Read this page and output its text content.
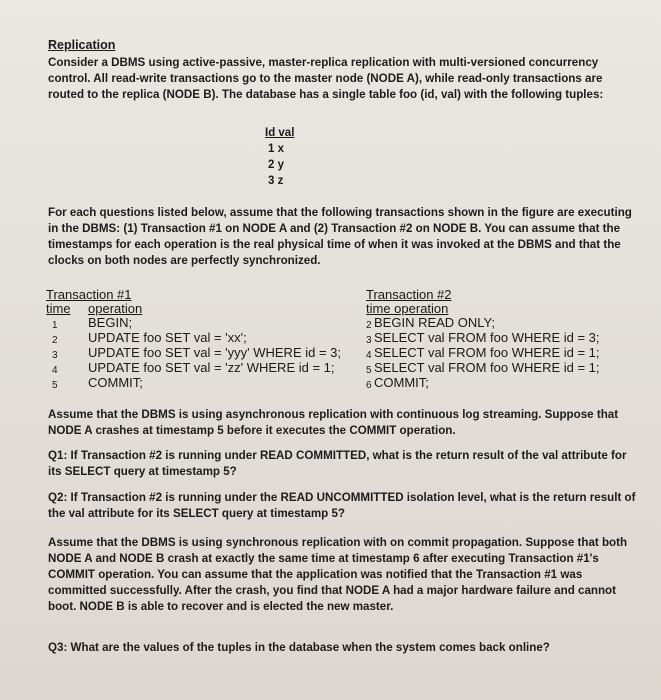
Replication
Consider a DBMS using active-passive, master-replica replication with multi-versioned concurrency control. All read-write transactions go to the master node (NODE A), while read-only transactions are routed to the replica (NODE B). The database has a single table foo (id, val) with the following tuples:
Id val
1 x
2 y
3 z
For each questions listed below, assume that the following transactions shown in the figure are executing in the DBMS: (1) Transaction #1 on NODE A and (2) Transaction #2 on NODE B. You can assume that the timestamps for each operation is the real physical time of when it was invoked at the DBMS and that the clocks on both nodes are perfectly synchronized.
Transaction #1
time operation
1 BEGIN;
2 UPDATE foo SET val = 'xx';
3 UPDATE foo SET val = 'yyy' WHERE id = 3;
4 UPDATE foo SET val = 'zz' WHERE id = 1;
5 COMMIT;
Transaction #2
time operation
2 BEGIN READ ONLY;
3 SELECT val FROM foo WHERE id = 3;
4 SELECT val FROM foo WHERE id = 1;
5 SELECT val FROM foo WHERE id = 1;
6 COMMIT;
Assume that the DBMS is using asynchronous replication with continuous log streaming. Suppose that NODE A crashes at timestamp 5 before it executes the COMMIT operation.
Q1: If Transaction #2 is running under READ COMMITTED, what is the return result of the val attribute for its SELECT query at timestamp 5?
Q2: If Transaction #2 is running under the READ UNCOMMITTED isolation level, what is the return result of the val attribute for its SELECT query at timestamp 5?
Assume that the DBMS is using synchronous replication with on commit propagation. Suppose that both NODE A and NODE B crash at exactly the same time at timestamp 6 after executing Transaction #1's COMMIT operation. You can assume that the application was notified that the Transaction #1 was committed successfully. After the crash, you find that NODE A had a major hardware failure and cannot boot. NODE B is able to recover and is elected the new master.
Q3: What are the values of the tuples in the database when the system comes back online?
